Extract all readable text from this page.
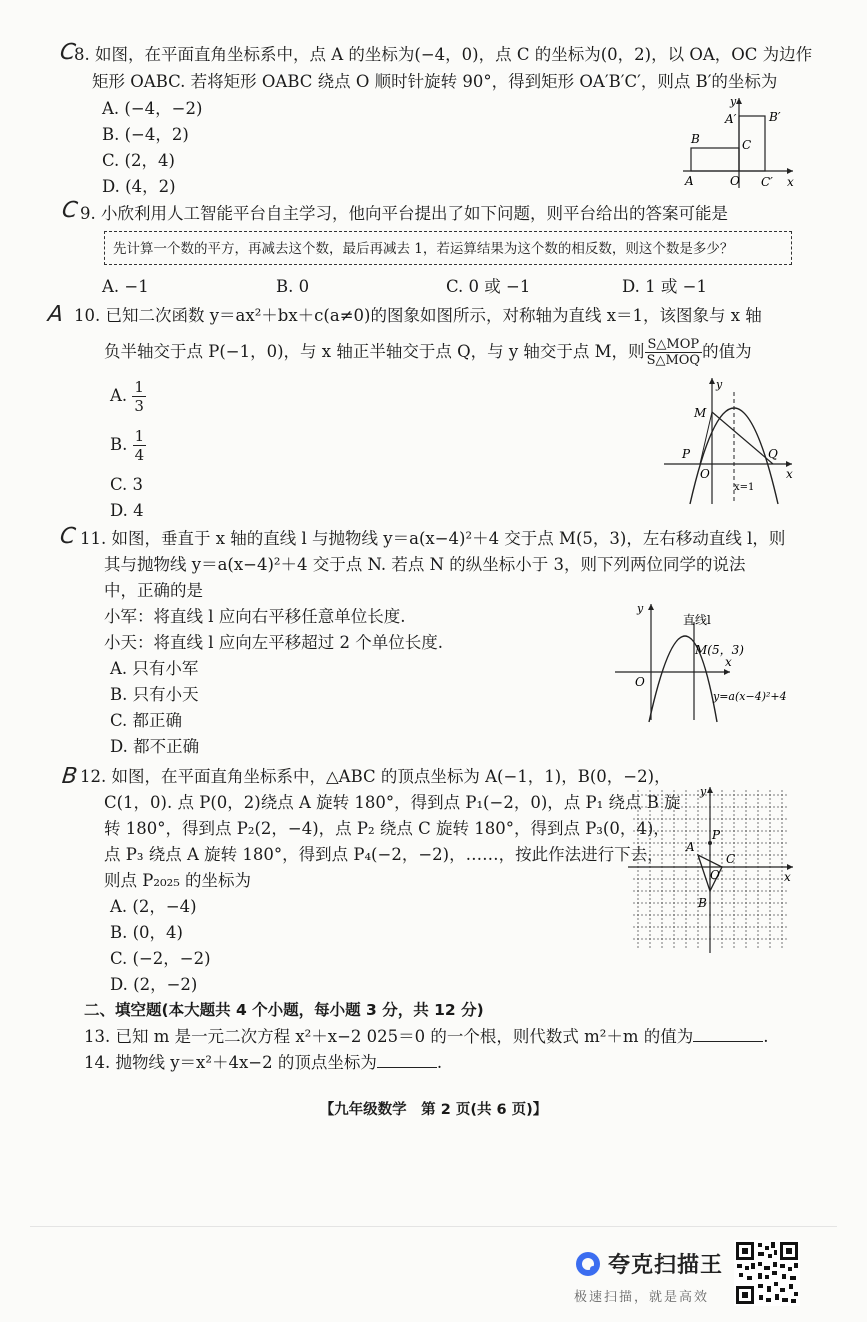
C
8. 如图，在平面直角坐标系中，点 A 的坐标为(−4，0)，点 C 的坐标为(0，2)，以 OA，OC 为边作
矩形 OABC. 若将矩形 OABC 绕点 O 顺时针旋转 90°，得到矩形 OA′B′C′，则点 B′的坐标为
A. (−4，−2)
B. (−4，2)
C. (2，4)
D. (4，2)
y
x
A	O C′
B	C
A′	B′
C 9. 小欣利用人工智能平台自主学习，他向平台提出了如下问题，则平台给出的答案可能是
先计算一个数的平方，再减去这个数，最后再减去 1，若运算结果为这个数的相反数，则这个数是多少？
A. −1	B. 0	C. 0 或 −1	D. 1 或 −1
A 10. 已知二次函数 y＝ax²＋bx＋c(a≠0)的图象如图所示，对称轴为直线 x＝1，该图象与 x 轴
负半轴交于点 P(−1，0)，与 x 轴正半轴交于点 Q，与 y 轴交于点 M，则 $\frac{\text{S△MOP}}{\text{S△MOQ}}$ 的值为
A. $\frac{1}{3}$
B. $\frac{1}{4}$
C. 3
D. 4
y
x
M
P
O
Q
x=1
C 11. 如图，垂直于 x 轴的直线 l 与抛物线 y＝a(x−4)²＋4 交于点 M(5，3)，左右移动直线 l，则
其与抛物线 y＝a(x−4)²＋4 交于点 N. 若点 N 的纵坐标小于 3，则下列两位同学的说法
中，正确的是
小军：将直线 l 应向右平移任意单位长度.
小天：将直线 l 应向左平移超过 2 个单位长度.
A. 只有小军
B. 只有小天
C. 都正确
D. 都不正确
y
x
直线l
M(5，3)
O
y=a(x−4)²+4
B 12. 如图，在平面直角坐标系中，△ABC 的顶点坐标为 A(−1，1)，B(0，−2)，
C(1，0). 点 P(0，2)绕点 A 旋转 180°，得到点 P₁(−2，0)，点 P₁ 绕点 B 旋
转 180°，得到点 P₂(2，−4)，点 P₂ 绕点 C 旋转 180°，得到点 P₃(0，4)，
点 P₃ 绕点 A 旋转 180°，得到点 P₄(−2，−2)，……，按此作法进行下去，
则点 P₂₀₂₅ 的坐标为
A. (2，−4)
B. (0，4)
C. (−2，−2)
D. (2，−2)
y
x
P
A
C
O
B
二、填空题(本大题共 4 个小题，每小题 3 分，共 12 分)
13. 已知 m 是一元二次方程 x²＋x−2 025＝0 的一个根，则代数式 m²＋m 的值为	.
14. 抛物线 y＝x²＋4x−2 的顶点坐标为	.
【九年级数学　第 2 页(共 6 页)】
夸克扫描王
极速扫描，就是高效
